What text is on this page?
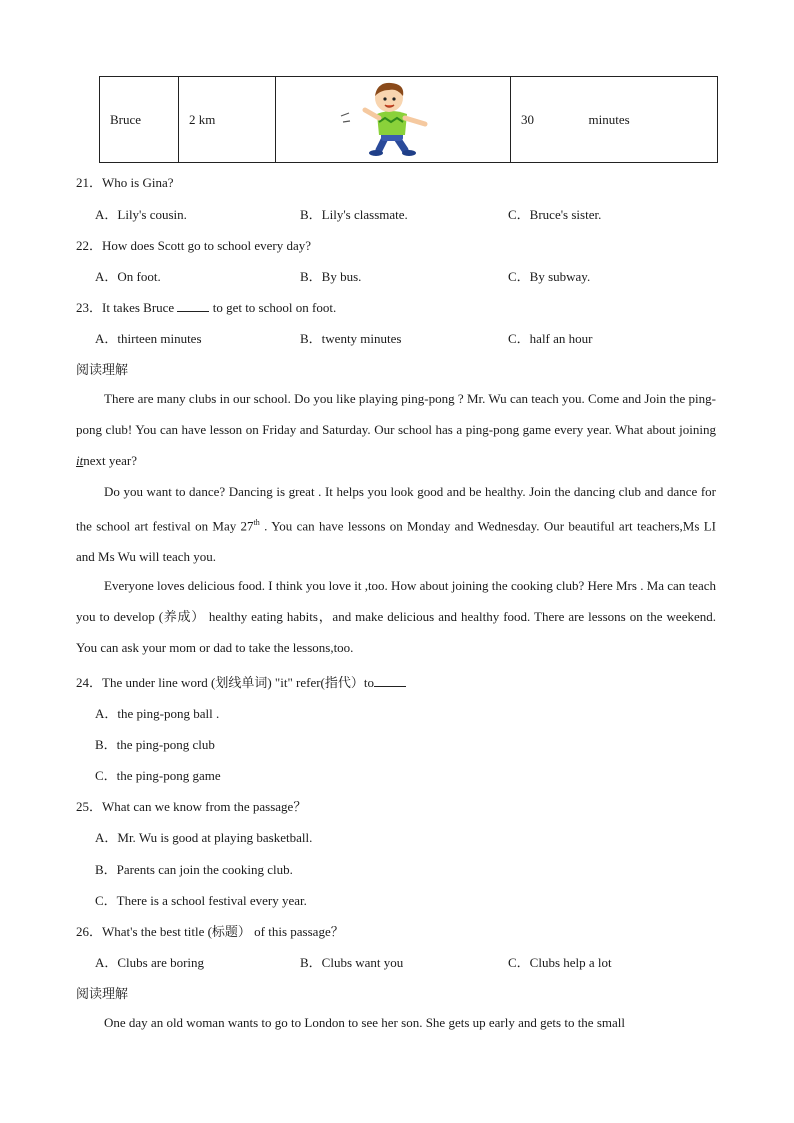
Bruce	2 km		30	minutes
21．Who is Gina?
A．Lily's cousin.	B．Lily's classmate.	C．Bruce's sister.
22．How does Scott go to school every day?
A．On foot.	B．By bus.	C．By subway.
23．It takes Bruce  to get to school on foot.
A．thirteen minutes	B．twenty minutes	C．half an hour
阅读理解
There are many clubs in our school. Do you like playing ping-pong ? Mr. Wu can teach you. Come and Join the ping-pong club! You can have lesson on Friday and Saturday. Our school has a ping-pong game every year. What about joining itnext year?
Do you want to dance? Dancing is great . It helps you look good and be healthy. Join the dancing club and dance for the school art festival on May 27th . You can have lessons on Monday and Wednesday. Our beautiful art teachers,Ms LI and Ms Wu will teach you.
Everyone loves delicious food. I think you love it ,too. How about joining the cooking club? Here Mrs . Ma can teach you to develop (养成） healthy eating habits，and make delicious and healthy food. There are lessons on the weekend. You can ask your mom or dad to take the lessons,too.
24．The under line word (划线单词) "it" refer(指代）to
A．the ping-pong ball .
B．the ping-pong club
C．the ping-pong game
25．What can we know from the passage？
A．Mr. Wu is good at playing basketball.
B．Parents can join the cooking club.
C．There is a school festival every year.
26．What's the best title (标题） of this passage？
A．Clubs are boring	B．Clubs want you	C．Clubs help a lot
阅读理解
One day an old woman wants to go to London to see her son. She gets up early and gets to the small
